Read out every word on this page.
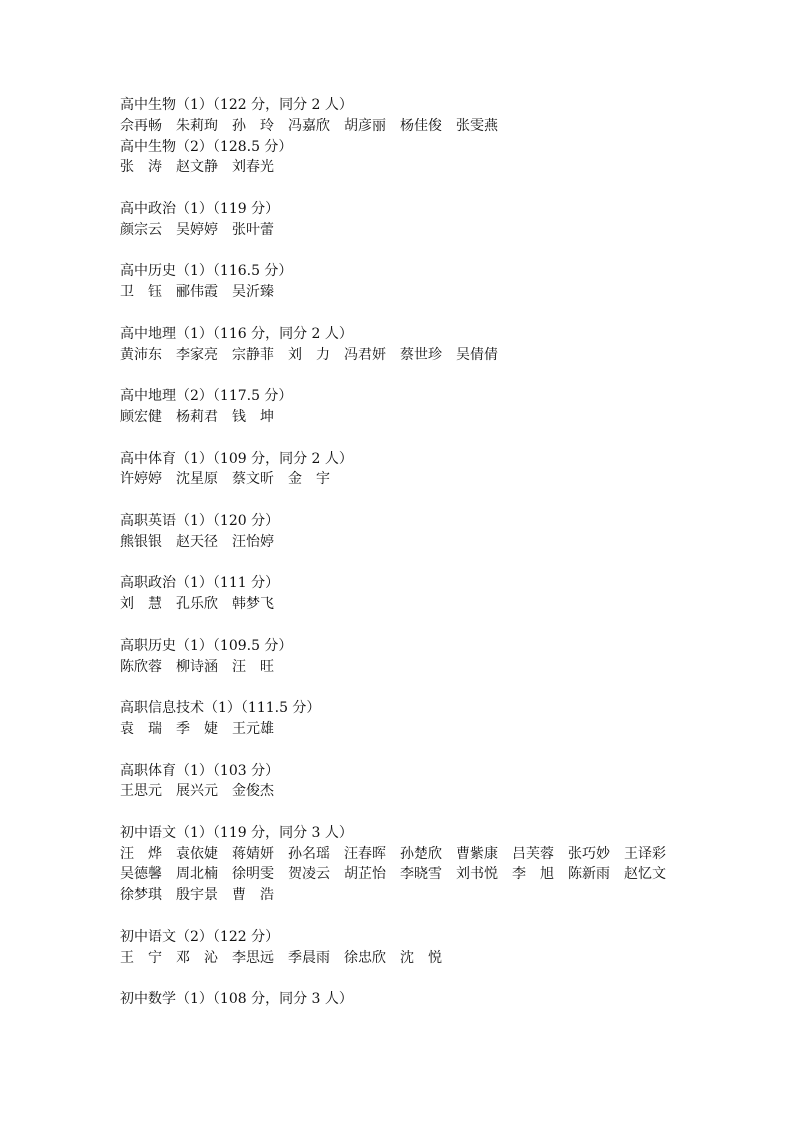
高中生物（1）（122 分，同分 2 人）
佘再畅　朱莉珣　孙　玲　冯嘉欣　胡彦丽　杨佳俊　张雯燕
高中生物（2）（128.5 分）
张　涛　赵文静　刘春光
高中政治（1）（119 分）
颜宗云　吴婷婷　张叶蕾
高中历史（1）（116.5 分）
卫　钰　郦伟霞　吴沂臻
高中地理（1）（116 分，同分 2 人）
黄沛东　李家亮　宗静菲　刘　力　冯君妍　蔡世珍　吴倩倩
高中地理（2）（117.5 分）
顾宏健　杨莉君　钱　坤
高中体育（1）（109 分，同分 2 人）
许婷婷　沈星原　蔡文昕　金　宇
高职英语（1）（120 分）
熊银银　赵天径　汪怡婷
高职政治（1）（111 分）
刘　慧　孔乐欣　韩梦飞
高职历史（1）（109.5 分）
陈欣蓉　柳诗涵　汪　旺
高职信息技术（1）（111.5 分）
袁　瑞　季　婕　王元雄
高职体育（1）（103 分）
王思元　展兴元　金俊杰
初中语文（1）（119 分，同分 3 人）
汪　烨　袁依婕　蒋婧妍　孙名瑶　汪春晖　孙楚欣　曹紫康　吕芙蓉　张巧妙　王译彩
吴德馨　周北楠　徐明雯　贺凌云　胡芷怡　李晓雪　刘书悦　李　旭　陈新雨　赵忆文
徐梦琪　殷宇景　曹　浩
初中语文（2）（122 分）
王　宁　邓　沁　李思远　季晨雨　徐忠欣　沈　悦
初中数学（1）（108 分，同分 3 人）
